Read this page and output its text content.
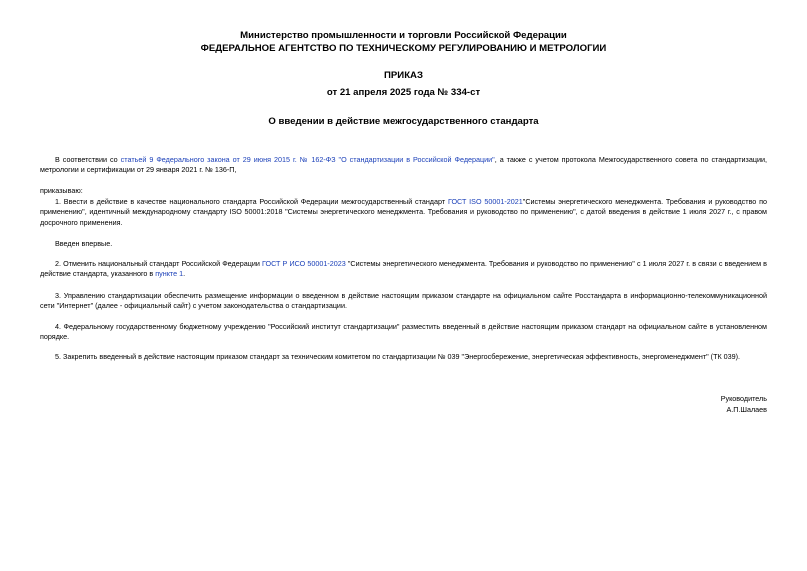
Министерство промышленности и торговли Российской Федерации
ФЕДЕРАЛЬНОЕ АГЕНТСТВО ПО ТЕХНИЧЕСКОМУ РЕГУЛИРОВАНИЮ И МЕТРОЛОГИИ
ПРИКАЗ
от 21 апреля 2025 года № 334-ст
О введении в действие межгосударственного стандарта

В соответствии со статьей 9 Федерального закона от 29 июня 2015 г. № 162-ФЗ "О стандартизации в Российской Федерации", а также с учетом протокола Межгосударственного совета по стандартизации, метрологии и сертификации от 29 января 2021 г. № 136-П,

приказываю:

1. Ввести в действие в качестве национального стандарта Российской Федерации межгосударственный стандарт ГОСТ ISO 50001-2021"Системы энергетического менеджмента. Требования и руководство по применению", идентичный международному стандарту ISO 50001:2018 "Системы энергетического менеджмента. Требования и руководство по применению", с датой введения в действие 1 июля 2027 г., с правом досрочного применения.

Введен впервые.

2. Отменить национальный стандарт Российской Федерации ГОСТ Р ИСО 50001-2023 "Системы энергетического менеджмента. Требования и руководство по применению" с 1 июля 2027 г. в связи с введением в действие стандарта, указанного в пункте 1.

3. Управлению стандартизации обеспечить размещение информации о введенном в действие настоящим приказом стандарте на официальном сайте Росстандарта в информационно-телекоммуникационной сети "Интернет" (далее - официальный сайт) с учетом законодательства о стандартизации.

4. Федеральному государственному бюджетному учреждению "Российский институт стандартизации" разместить введенный в действие настоящим приказом стандарт на официальном сайте в установленном порядке.

5. Закрепить введенный в действие настоящим приказом стандарт за техническим комитетом по стандартизации № 039 "Энергосбережение, энергетическая эффективность, энергоменеджмент" (ТК 039).

Руководитель
А.П.Шалаев
